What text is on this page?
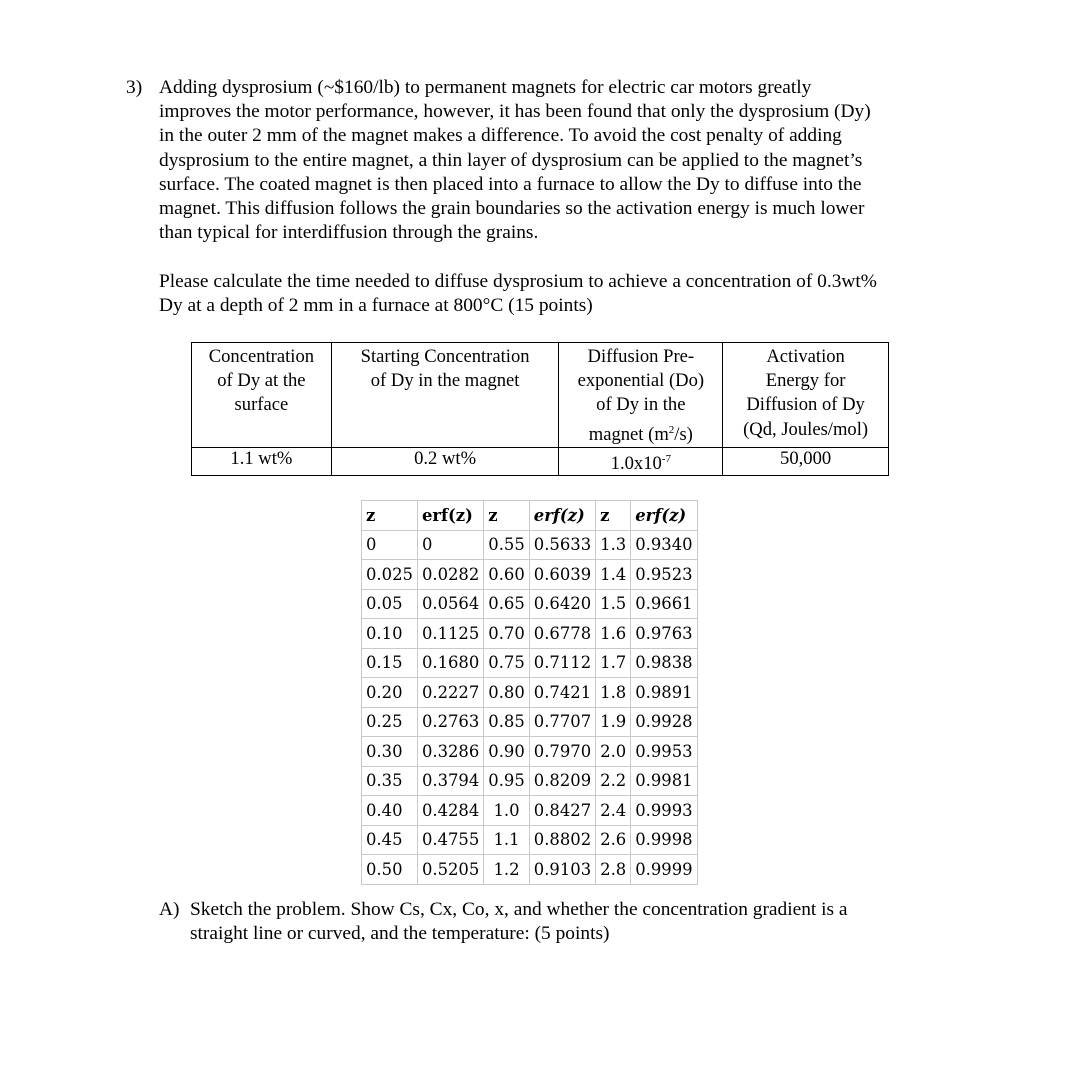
3) Adding dysprosium (~$160/lb) to permanent magnets for electric car motors greatly
improves the motor performance, however, it has been found that only the dysprosium (Dy)
in the outer 2 mm of the magnet makes a difference. To avoid the cost penalty of adding
dysprosium to the entire magnet, a thin layer of dysprosium can be applied to the magnet’s
surface. The coated magnet is then placed into a furnace to allow the Dy to diffuse into the
magnet. This diffusion follows the grain boundaries so the activation energy is much lower
than typical for interdiffusion through the grains.
Please calculate the time needed to diffuse dysprosium to achieve a concentration of 0.3wt%
Dy at a depth of 2 mm in a furnace at 800°C (15 points)
Concentration
of Dy at the
surface	Starting Concentration
of Dy in the magnet	Diffusion Pre-
exponential (Do)
of Dy in the
magnet $(m^2/s)$	Activation
Energy for
Diffusion of Dy
(Qd, Joules/mol)

1.1 wt%	0.2 wt%	$1.0x10^{-7}$	50,000
z	erf(z)	z	erf(z)	z	erf(z)
0	0	0.55	0.5633	1.3	0.9340
0.025	0.0282	0.60	0.6039	1.4	0.9523
0.05	0.0564	0.65	0.6420	1.5	0.9661
0.10	0.1125	0.70	0.6778	1.6	0.9763
0.15	0.1680	0.75	0.7112	1.7	0.9838
0.20	0.2227	0.80	0.7421	1.8	0.9891
0.25	0.2763	0.85	0.7707	1.9	0.9928
0.30	0.3286	0.90	0.7970	2.0	0.9953
0.35	0.3794	0.95	0.8209	2.2	0.9981
0.40	0.4284	1.0	0.8427	2.4	0.9993
0.45	0.4755	1.1	0.8802	2.6	0.9998
0.50	0.5205	1.2	0.9103	2.8	0.9999
A) Sketch the problem. Show Cs, Cx, Co, x, and whether the concentration gradient is a
straight line or curved, and the temperature: (5 points)
